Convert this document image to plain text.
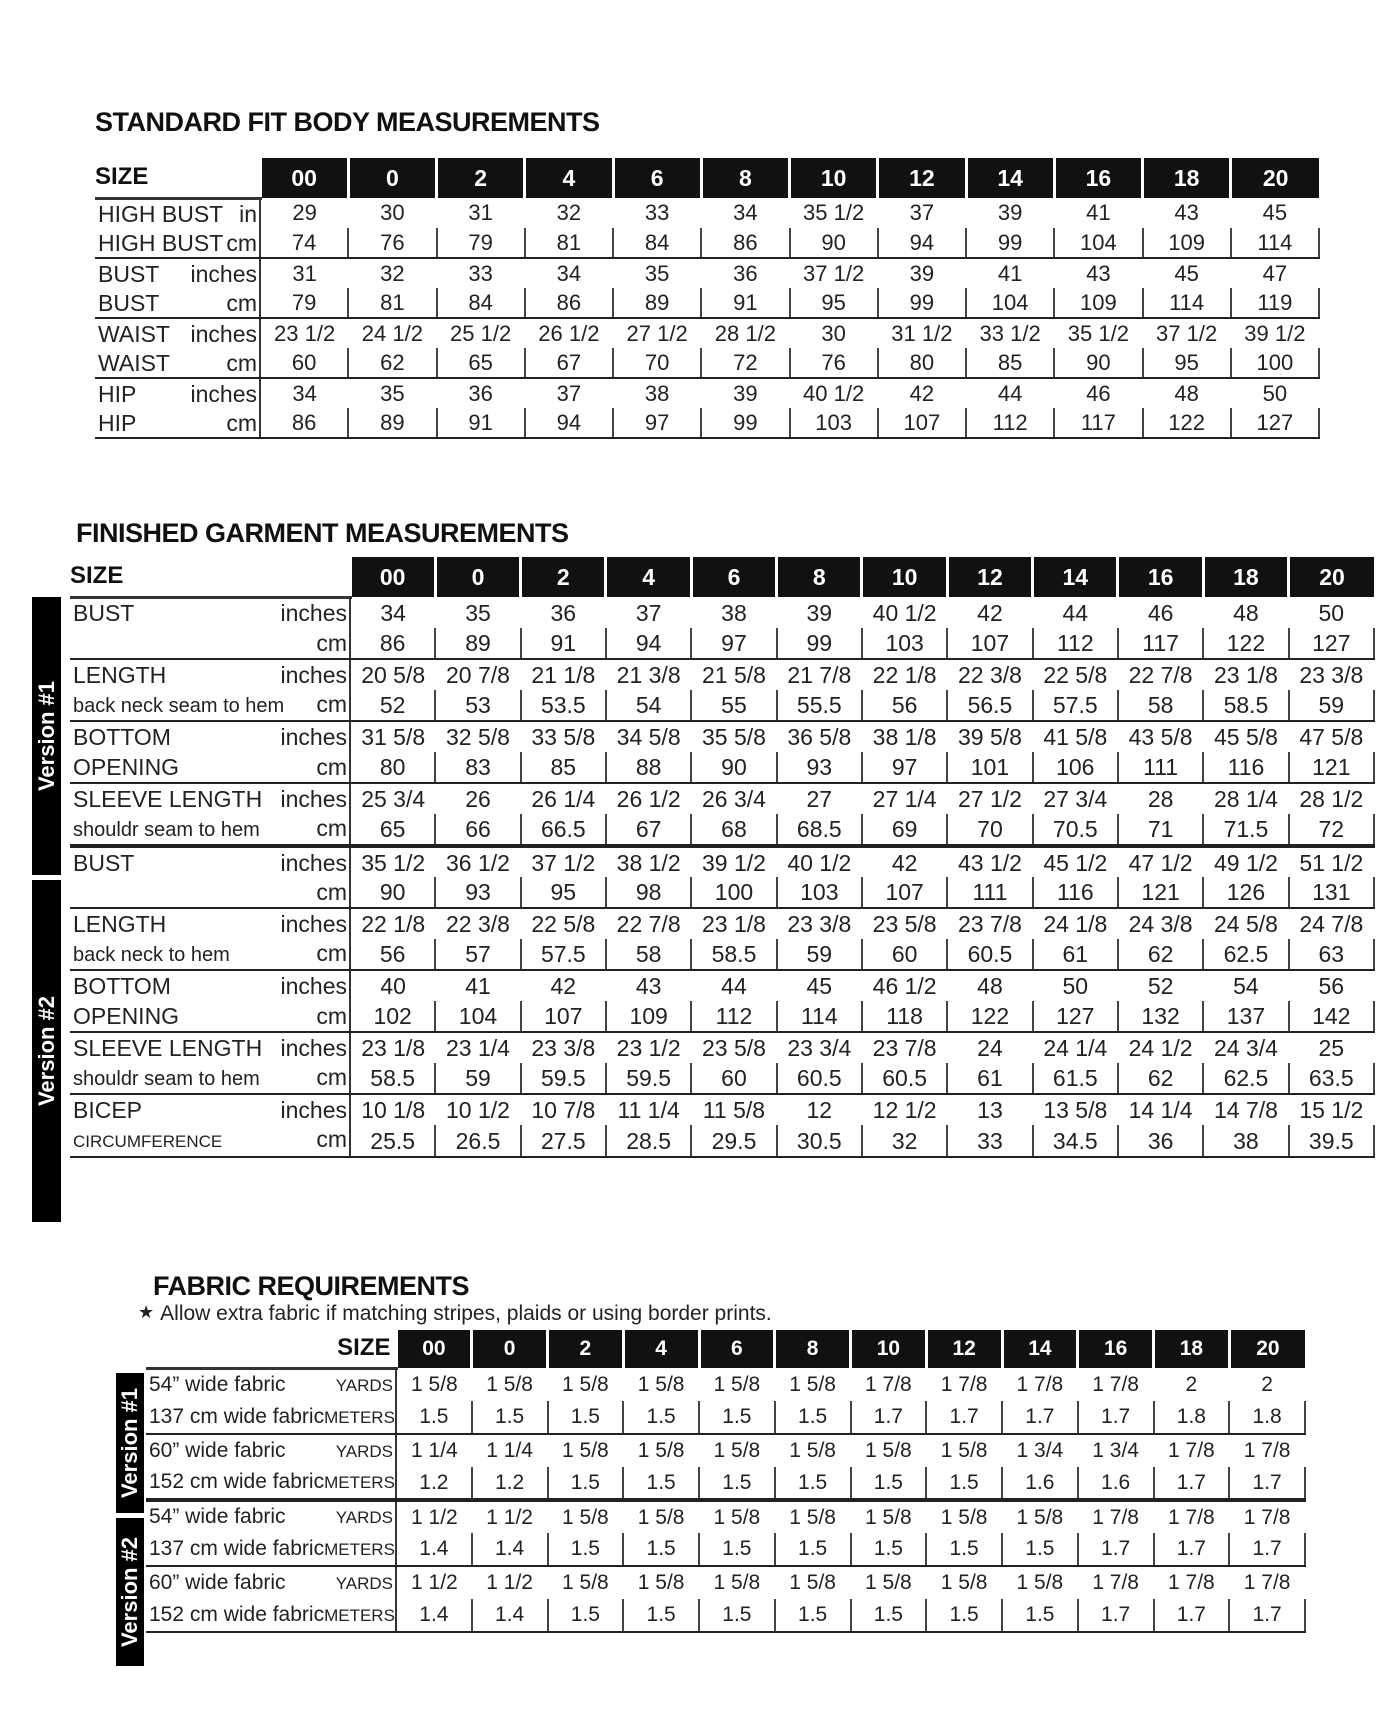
STANDARD FIT BODY MEASUREMENTS
SIZE	00	0	2	4	6	8	10	12	14	16	18	20

HIGH BUST in	29	30	31	32	33	34	35 1/2	37	39	41	43	45

HIGH BUST cm	74	76	79	81	84	86	90	94	99	104	109	114

BUST inches	31	32	33	34	35	36	37 1/2	39	41	43	45	47

BUST cm	79	81	84	86	89	91	95	99	104	109	114	119

WAIST inches	23 1/2	24 1/2	25 1/2	26 1/2	27 1/2	28 1/2	30	31 1/2	33 1/2	35 1/2	37 1/2	39 1/2

WAIST cm	60	62	65	67	70	72	76	80	85	90	95	100

HIP inches	34	35	36	37	38	39	40 1/2	42	44	46	48	50

HIP cm	86	89	91	94	97	99	103	107	112	117	122	127
FINISHED GARMENT MEASUREMENTS
Version #1
Version #2
SIZE	00	0	2	4	6	8	10	12	14	16	18	20

BUST inches	34	35	36	37	38	39	40 1/2	42	44	46	48	50

cm	86	89	91	94	97	99	103	107	112	117	122	127

LENGTH inches	20 5/8	20 7/8	21 1/8	21 3/8	21 5/8	21 7/8	22 1/8	22 3/8	22 5/8	22 7/8	23 1/8	23 3/8

back neck seam to hem cm	52	53	53.5	54	55	55.5	56	56.5	57.5	58	58.5	59

BOTTOM inches	31 5/8	32 5/8	33 5/8	34 5/8	35 5/8	36 5/8	38 1/8	39 5/8	41 5/8	43 5/8	45 5/8	47 5/8

OPENING cm	80	83	85	88	90	93	97	101	106	111	116	121

SLEEVE LENGTH inches	25 3/4	26	26 1/4	26 1/2	26 3/4	27	27 1/4	27 1/2	27 3/4	28	28 1/4	28 1/2

shouldr seam to hem cm	65	66	66.5	67	68	68.5	69	70	70.5	71	71.5	72

BUST inches	35 1/2	36 1/2	37 1/2	38 1/2	39 1/2	40 1/2	42	43 1/2	45 1/2	47 1/2	49 1/2	51 1/2

cm	90	93	95	98	100	103	107	111	116	121	126	131

LENGTH inches	22 1/8	22 3/8	22 5/8	22 7/8	23 1/8	23 3/8	23 5/8	23 7/8	24 1/8	24 3/8	24 5/8	24 7/8

back neck to hem cm	56	57	57.5	58	58.5	59	60	60.5	61	62	62.5	63

BOTTOM inches	40	41	42	43	44	45	46 1/2	48	50	52	54	56

OPENING cm	102	104	107	109	112	114	118	122	127	132	137	142

SLEEVE LENGTH inches	23 1/8	23 1/4	23 3/8	23 1/2	23 5/8	23 3/4	23 7/8	24	24 1/4	24 1/2	24 3/4	25

shouldr seam to hem cm	58.5	59	59.5	59.5	60	60.5	60.5	61	61.5	62	62.5	63.5

BICEP inches	10 1/8	10 1/2	10 7/8	11 1/4	11 5/8	12	12 1/2	13	13 5/8	14 1/4	14 7/8	15 1/2

CIRCUMFERENCE cm	25.5	26.5	27.5	28.5	29.5	30.5	32	33	34.5	36	38	39.5
FABRIC REQUIREMENTS
★ Allow extra fabric if matching stripes, plaids or using border prints.
Version #1
Version #2
SIZE	00	0	2	4	6	8	10	12	14	16	18	20

54” wide fabric YARDS	1 5/8	1 5/8	1 5/8	1 5/8	1 5/8	1 5/8	1 7/8	1 7/8	1 7/8	1 7/8	2	2

137 cm wide fabric METERS	1.5	1.5	1.5	1.5	1.5	1.5	1.7	1.7	1.7	1.7	1.8	1.8

60” wide fabric YARDS	1 1/4	1 1/4	1 5/8	1 5/8	1 5/8	1 5/8	1 5/8	1 5/8	1 3/4	1 3/4	1 7/8	1 7/8

152 cm wide fabric METERS	1.2	1.2	1.5	1.5	1.5	1.5	1.5	1.5	1.6	1.6	1.7	1.7

54” wide fabric YARDS	1 1/2	1 1/2	1 5/8	1 5/8	1 5/8	1 5/8	1 5/8	1 5/8	1 5/8	1 7/8	1 7/8	1 7/8

137 cm wide fabric METERS	1.4	1.4	1.5	1.5	1.5	1.5	1.5	1.5	1.5	1.7	1.7	1.7

60” wide fabric YARDS	1 1/2	1 1/2	1 5/8	1 5/8	1 5/8	1 5/8	1 5/8	1 5/8	1 5/8	1 7/8	1 7/8	1 7/8

152 cm wide fabric METERS	1.4	1.4	1.5	1.5	1.5	1.5	1.5	1.5	1.5	1.7	1.7	1.7
